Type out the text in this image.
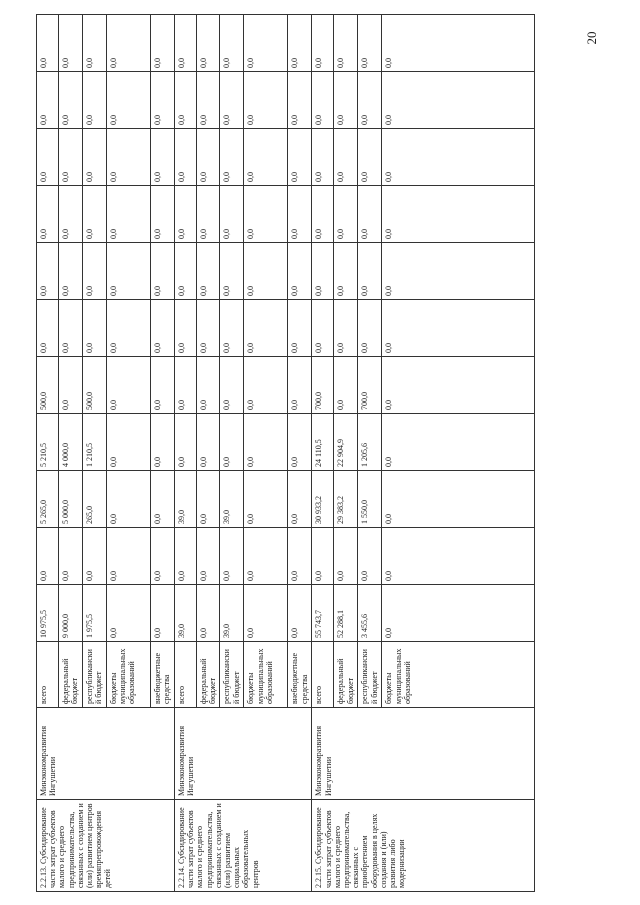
20
2.2.13. Субсидирование части затрат субъектов малого и среднего предпринимательства, связанных с созданием и (или) развитием центров времяпрепровождения детей	Минэкономразвития Ингушетии	всего	10 975,5	0,0	5 265,0	5 210,5	500,0	0,0	0,0	0,0	0,0	0,0	0,0
		федеральный бюджет	9 000,0	0,0	5 000,0	4 000,0	0,0	0,0	0,0	0,0	0,0	0,0	0,0
		республиканский бюджет	1 975,5	0,0	265,0	1 210,5	500,0	0,0	0,0	0,0	0,0	0,0	0,0
		бюджеты муниципальных образований	0,0	0,0	0,0	0,0	0,0	0,0	0,0	0,0	0,0	0,0	0,0
		внебюджетные средства	0,0	0,0	0,0	0,0	0,0	0,0	0,0	0,0	0,0	0,0	0,0
2.2.14. Субсидирование части затрат субъектов малого и среднего предпринимательства, связанных с созданием и (или) развитием социальных образовательных центров	Минэкономразвития Ингушетии	всего	39,0	0,0	39,0	0,0	0,0	0,0	0,0	0,0	0,0	0,0	0,0
		федеральный бюджет	0,0	0,0	0,0	0,0	0,0	0,0	0,0	0,0	0,0	0,0	0,0
		республиканский бюджет	39,0	0,0	39,0	0,0	0,0	0,0	0,0	0,0	0,0	0,0	0,0
		бюджеты муниципальных образований	0,0	0,0	0,0	0,0	0,0	0,0	0,0	0,0	0,0	0,0	0,0
		внебюджетные средства	0,0	0,0	0,0	0,0	0,0	0,0	0,0	0,0	0,0	0,0	0,0
2.2.15. Субсидирование части затрат субъектов малого и среднего предпринимательства, связанных с приобретением оборудования в целях создания и (или) развития либо модернизации	Минэкономразвития Ингушетии	всего	55 743,7	0,0	30 933,2	24 110,5	700,0	0,0	0,0	0,0	0,0	0,0	0,0
		федеральный бюджет	52 288,1	0,0	29 383,2	22 904,9	0,0	0,0	0,0	0,0	0,0	0,0	0,0
		республиканский бюджет	3 455,6	0,0	1 550,0	1 205,6	700,0	0,0	0,0	0,0	0,0	0,0	0,0
		бюджеты муниципальных образований	0,0	0,0	0,0	0,0	0,0	0,0	0,0	0,0	0,0	0,0	0,0
